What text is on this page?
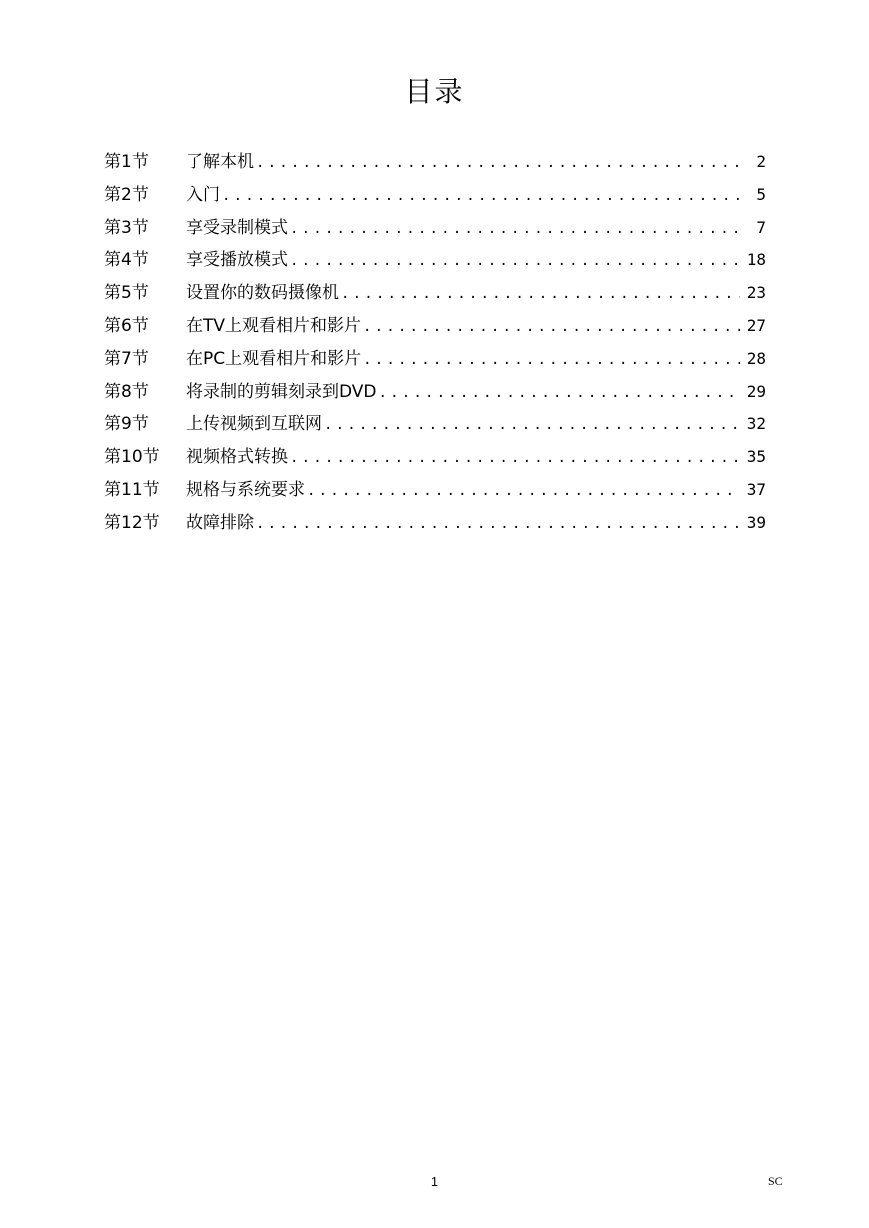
目录
第1节	了解本机 .....	2
第2节	入门 .....	5
第3节	享受录制模式 .....	7
第4节	享受播放模式 .....	18
第5节	设置你的数码摄像机 .....	23
第6节	在TV上观看相片和影片 .....	27
第7节	在PC上观看相片和影片 .....	28
第8节	将录制的剪辑刻录到DVD .....	29
第9节	上传视频到互联网 .....	32
第10节	视频格式转换 .....	35
第11节	规格与系统要求 .....	37
第12节	故障排除 .....	39
1	SC
